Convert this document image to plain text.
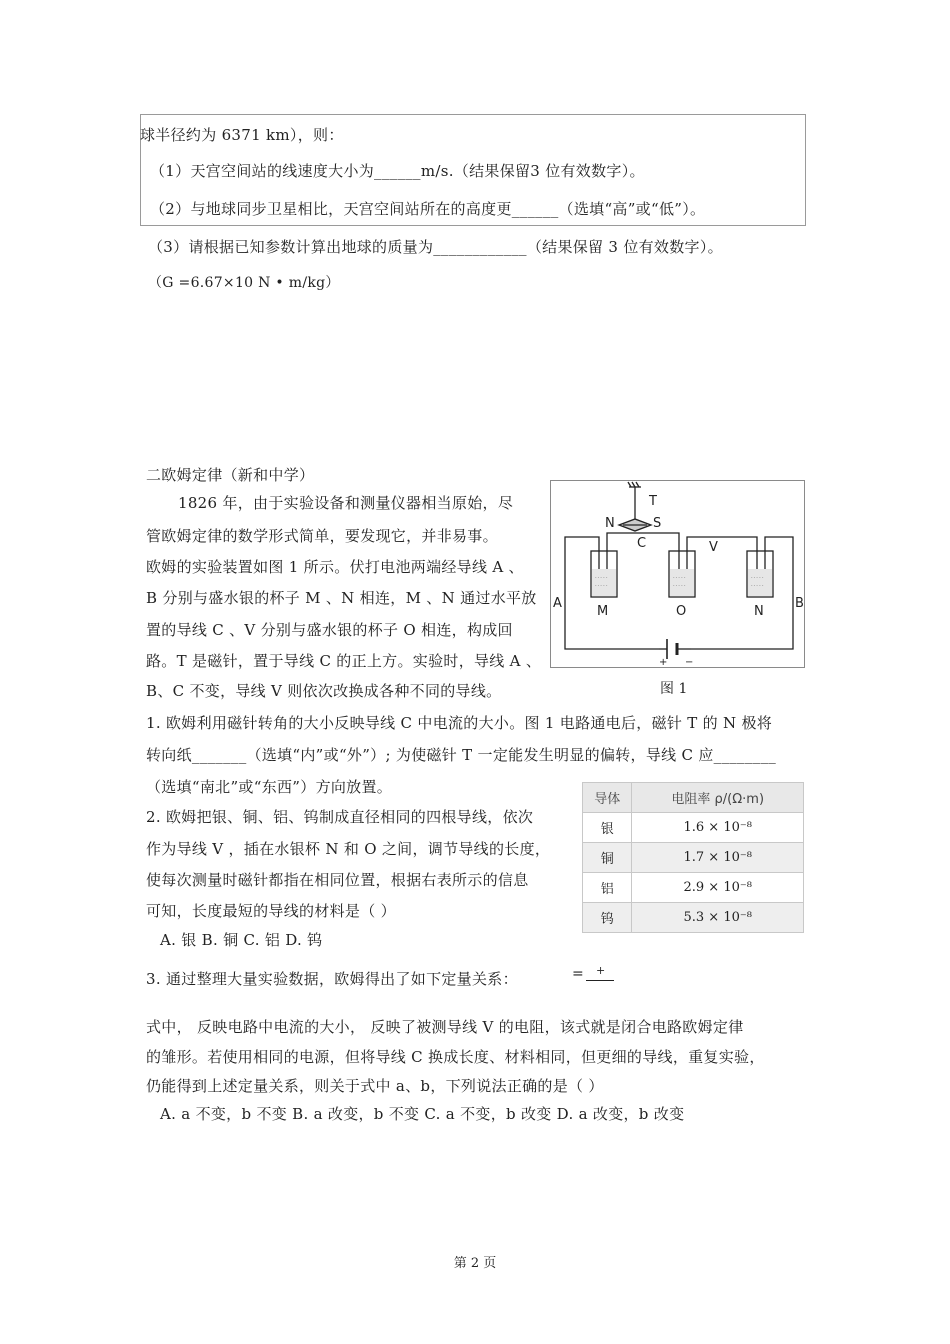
球半径约为 6371 km），则：
（1）天宫空间站的线速度大小为______m/s.（结果保留3 位有效数字）。
（2）与地球同步卫星相比，天宫空间站所在的高度更______（选填“高”或“低”）。
（3）请根据已知参数计算出地球的质量为____________（结果保留 3 位有效数字）。
（G =6.67×10 N • m/kg）
二欧姆定律（新和中学）
1826 年，由于实验设备和测量仪器相当原始，尽
管欧姆定律的数学形式简单，要发现它，并非易事。
欧姆的实验装置如图 1 所示。伏打电池两端经导线 A 、
B 分别与盛水银的杯子 M 、N 相连，M 、N 通过水平放
置的导线 C 、V 分别与盛水银的杯子 O 相连，构成回
路。T 是磁针，置于导线 C 的正上方。实验时，导线 A 、
B、C 不变，导线 V 则依次改换成各种不同的导线。
- - - - -
- - - - -
- - - - -
- - - - -
- - - - -
- - - - -
T
N	S
C	V
A	B
M	O	N
+ −
图 1
1. 欧姆利用磁针转角的大小反映导线 C 中电流的大小。图 1 电路通电后，磁针 T 的 N 极将
转向纸_______（选填“内”或“外”）; 为使磁针 T 一定能发生明显的偏转，导线 C 应________
（选填“南北”或“东西”）方向放置。
2. 欧姆把银、铜、铝、钨制成直径相同的四根导线，依次
作为导线 V ，插在水银杯 N 和 O 之间，调节导线的长度，
使每次测量时磁针都指在相同位置，根据右表所示的信息
可知，长度最短的导线的材料是（ ）
A. 银 B. 铜 C. 铝 D. 钨
导体	电阻率 ρ/(Ω·m)
银	1.6 × 10⁻⁸
铜	1.7 × 10⁻⁸
铝	2.9 × 10⁻⁸
钨	5.3 × 10⁻⁸
3. 通过整理大量实验数据，欧姆得出了如下定量关系：	= +
式中， 反映电路中电流的大小， 反映了被测导线 V 的电阻，该式就是闭合电路欧姆定律
的雏形。若使用相同的电源，但将导线 C 换成长度、材料相同，但更细的导线，重复实验，
仍能得到上述定量关系，则关于式中 a、b，下列说法正确的是（ ）
A. a 不变，b 不变 B. a 改变，b 不变 C. a 不变，b 改变 D. a 改变，b 改变
第 2 页
